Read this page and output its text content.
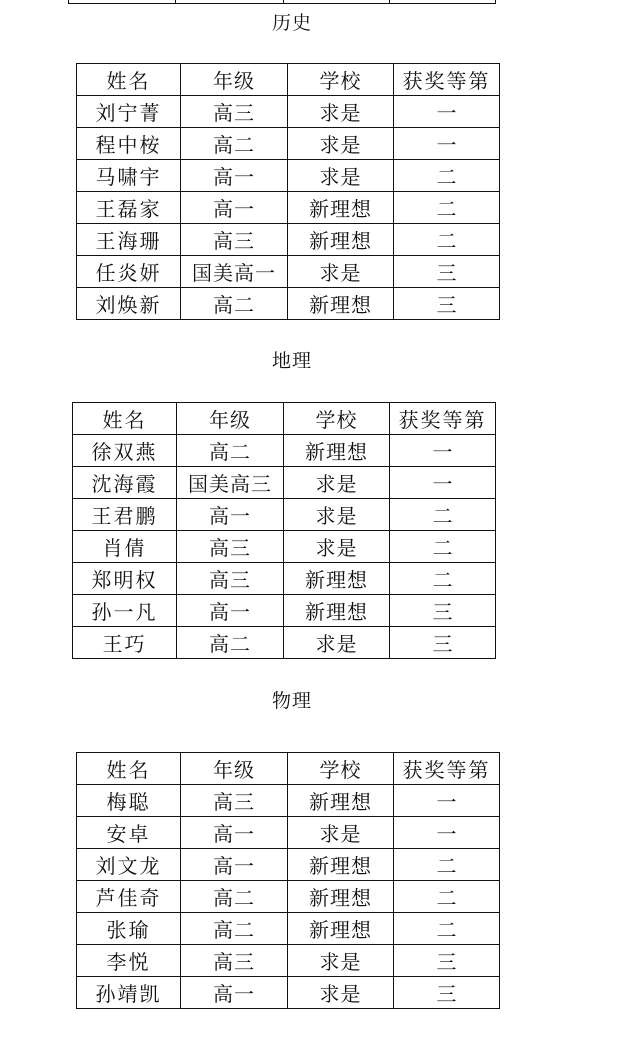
历史
姓名	年级	学校	获奖等第
刘宁菁	高三	求是	一
程中桉	高二	求是	一
马啸宇	高一	求是	二
王磊家	高一	新理想	二
王海珊	高三	新理想	二
任炎妍	国美高一	求是	三
刘焕新	高二	新理想	三
地理
姓名	年级	学校	获奖等第
徐双燕	高二	新理想	一
沈海霞	国美高三	求是	一
王君鹏	高一	求是	二
肖倩	高三	求是	二
郑明权	高三	新理想	二
孙一凡	高一	新理想	三
王巧	高二	求是	三
物理
姓名	年级	学校	获奖等第
梅聪	高三	新理想	一
安卓	高一	求是	一
刘文龙	高一	新理想	二
芦佳奇	高二	新理想	二
张瑜	高二	新理想	二
李悦	高三	求是	三
孙靖凯	高一	求是	三
